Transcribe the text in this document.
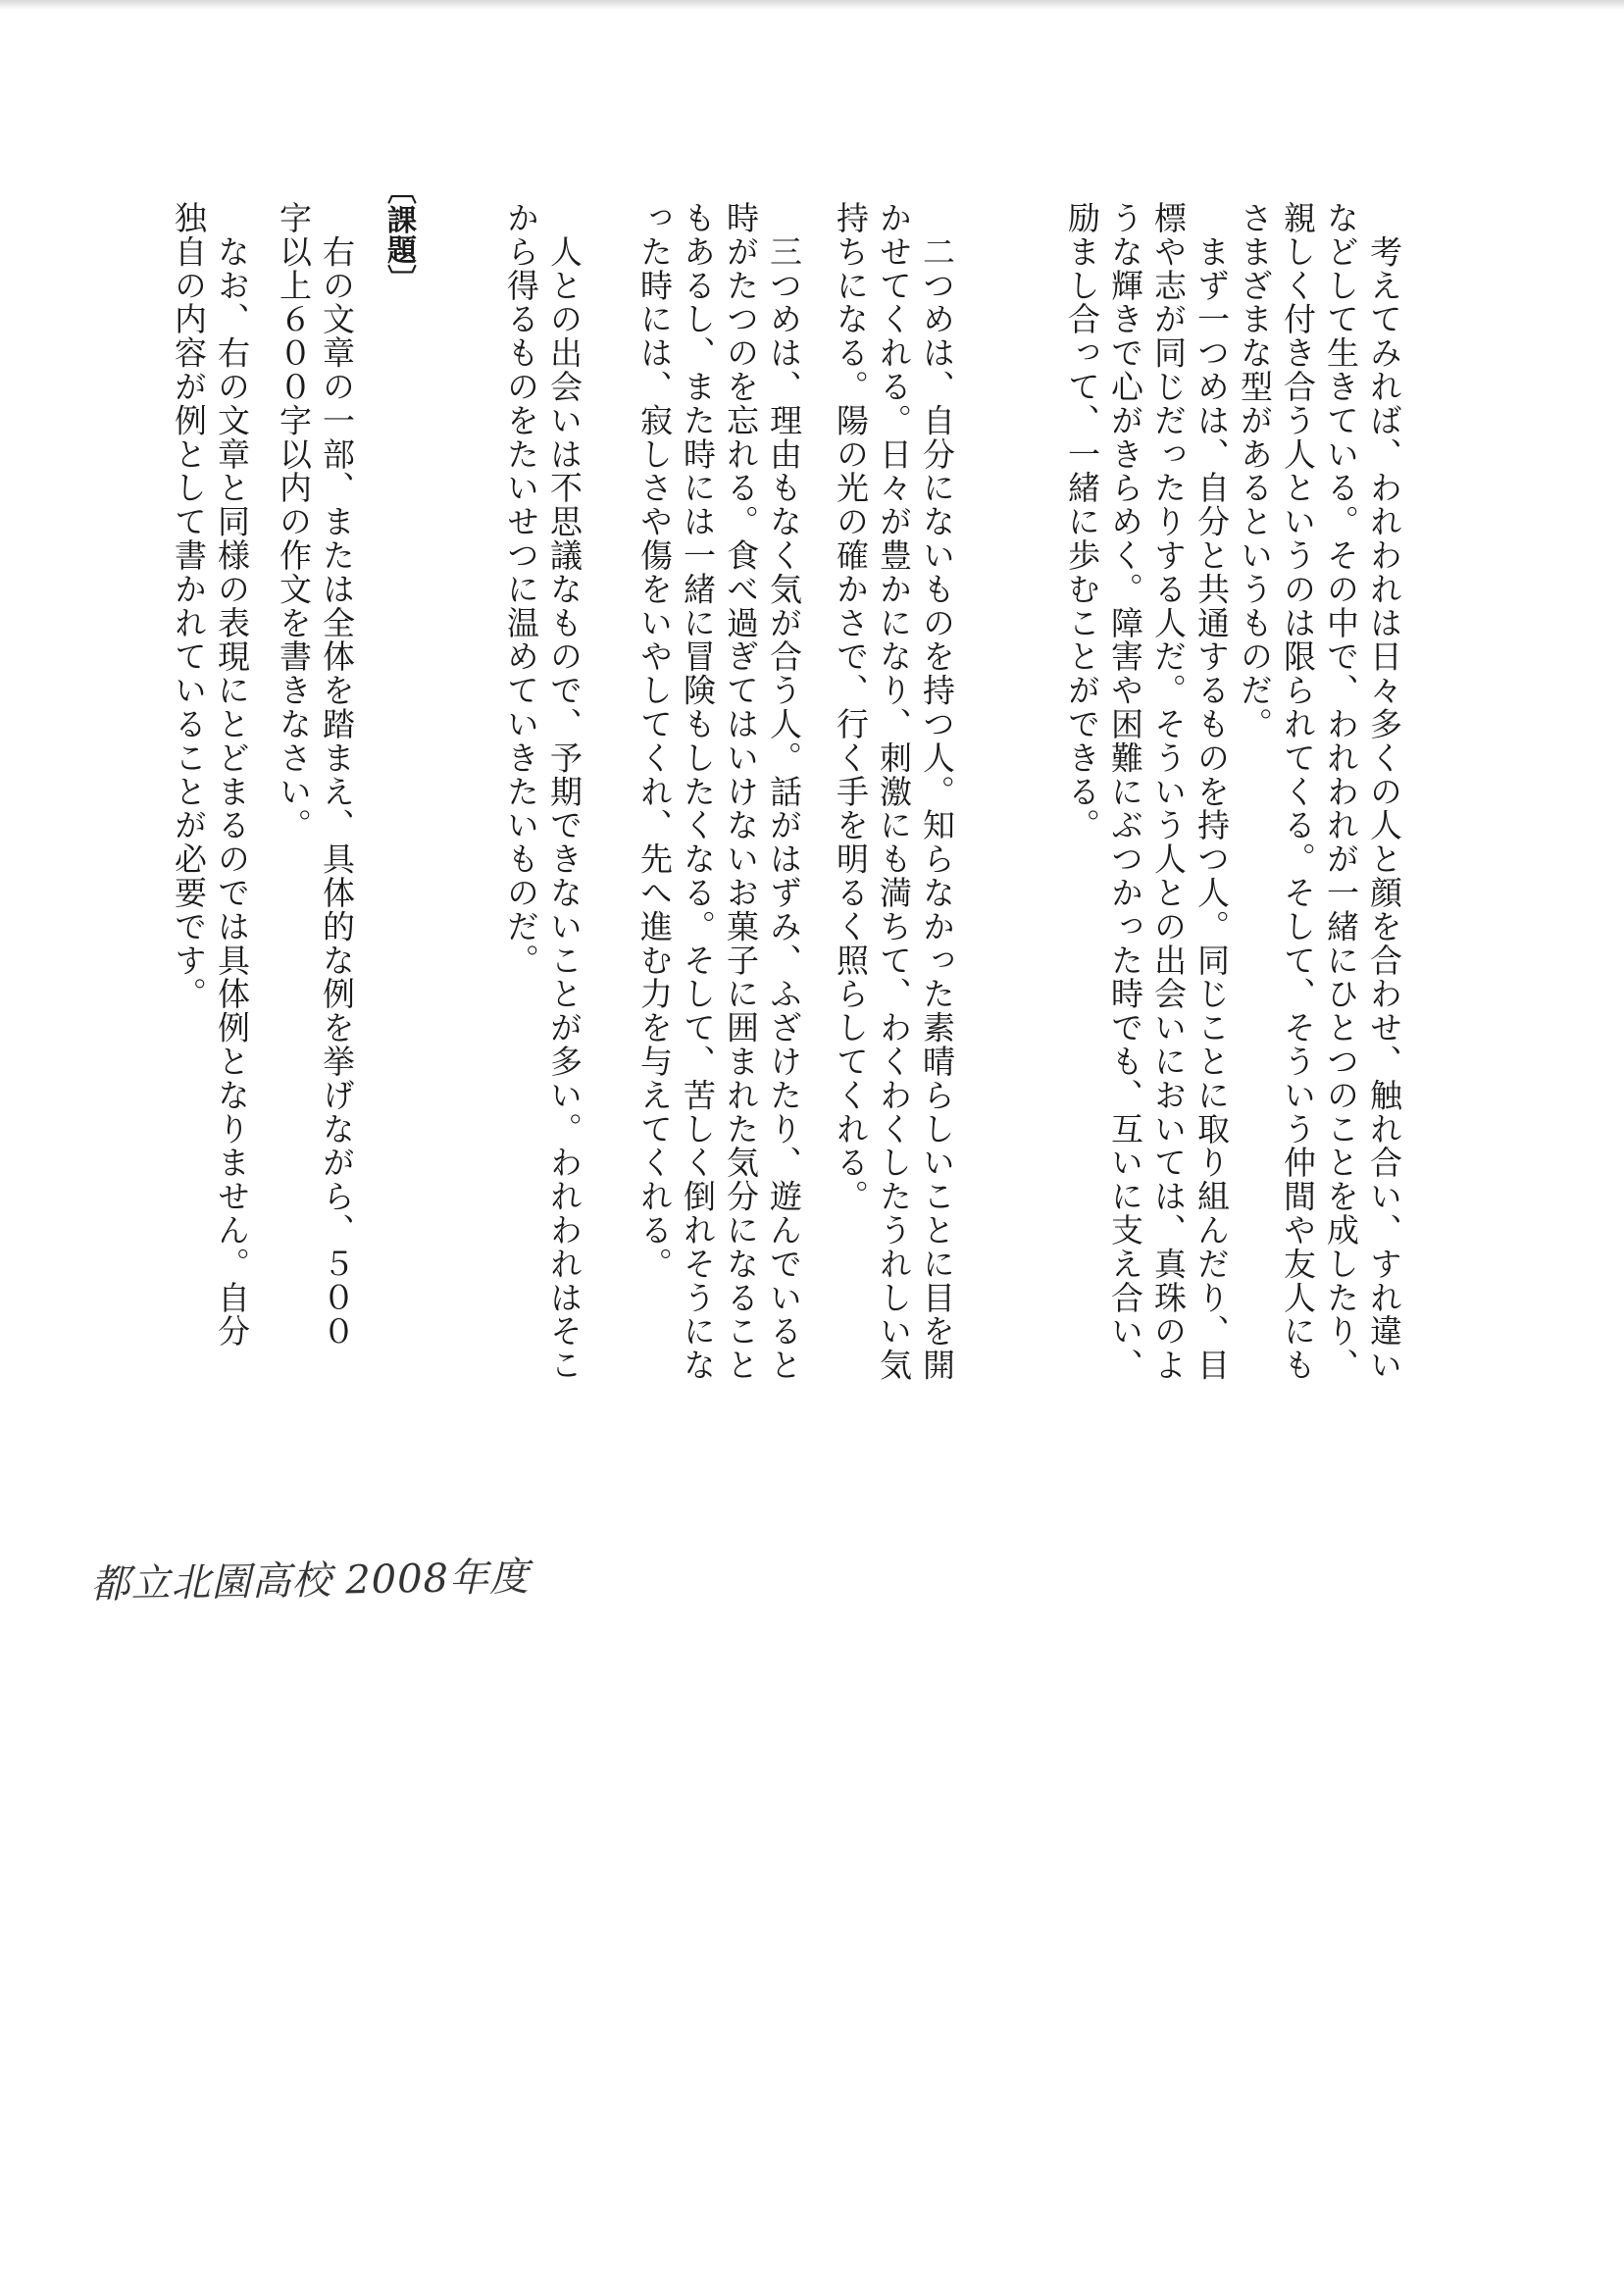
　考えてみれば、われわれは日々多くの人と顔を合わせ、触れ合い、すれ違い
などして生きている。その中で、われわれが一緒にひとつのことを成したり、
親しく付き合う人というのは限られてくる。そして、そういう仲間や友人にも
さまざまな型があるというものだ。
　まず一つめは、自分と共通するものを持つ人。同じことに取り組んだり、目
標や志が同じだったりする人だ。そういう人との出会いにおいては、真珠のよ
うな輝きで心がきらめく。障害や困難にぶつかった時でも、互いに支え合い、
励まし合って、一緒に歩むことができる。
　二つめは、自分にないものを持つ人。知らなかった素晴らしいことに目を開
かせてくれる。日々が豊かになり、刺激にも満ちて、わくわくしたうれしい気
持ちになる。陽の光の確かさで、行く手を明るく照らしてくれる。
　三つめは、理由もなく気が合う人。話がはずみ、ふざけたり、遊んでいると
時がたつのを忘れる。食べ過ぎてはいけないお菓子に囲まれた気分になること
もあるし、また時には一緒に冒険もしたくなる。そして、苦しく倒れそうにな
った時には、寂しさや傷をいやしてくれ、先へ進む力を与えてくれる。
　人との出会いは不思議なもので、予期できないことが多い。われわれはそこ
から得るものをたいせつに温めていきたいものだ。
〔課題〕
　右の文章の一部、または全体を踏まえ、具体的な例を挙げながら、５００
字以上６００字以内の作文を書きなさい。
　なお、右の文章と同様の表現にとどまるのでは具体例となりません。自分
独自の内容が例として書かれていることが必要です。
都立北園高校 2008年度
